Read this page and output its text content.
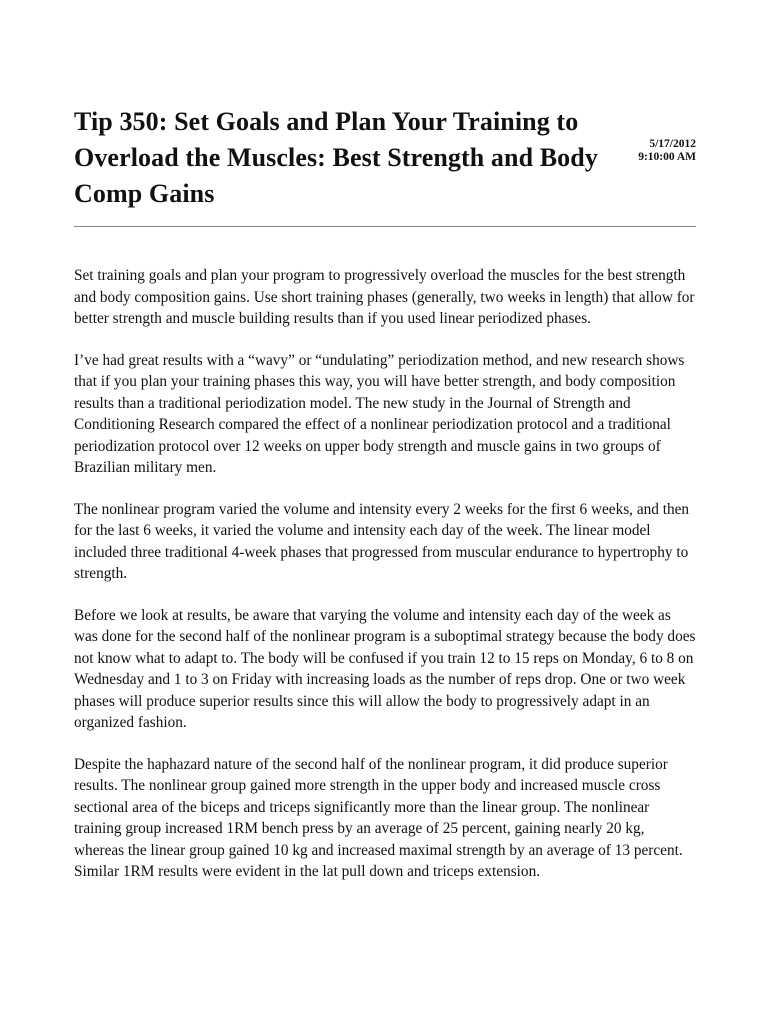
Tip 350: Set Goals and Plan Your Training to Overload the Muscles: Best Strength and Body Comp Gains
5/17/2012
9:10:00 AM

Set training goals and plan your program to progressively overload the muscles for the best strength and body composition gains. Use short training phases (generally, two weeks in length) that allow for better strength and muscle building results than if you used linear periodized phases.

I’ve had great results with a “wavy” or “undulating” periodization method, and new research shows that if you plan your training phases this way, you will have better strength, and body composition results than a traditional periodization model. The new study in the Journal of Strength and Conditioning Research compared the effect of a nonlinear periodization protocol and a traditional periodization protocol over 12 weeks on upper body strength and muscle gains in two groups of Brazilian military men.

The nonlinear program varied the volume and intensity every 2 weeks for the first 6 weeks, and then for the last 6 weeks, it varied the volume and intensity each day of the week. The linear model included three traditional 4-week phases that progressed from muscular endurance to hypertrophy to strength.

Before we look at results, be aware that varying the volume and intensity each day of the week as was done for the second half of the nonlinear program is a suboptimal strategy because the body does not know what to adapt to. The body will be confused if you train 12 to 15 reps on Monday, 6 to 8 on Wednesday and 1 to 3 on Friday with increasing loads as the number of reps drop. One or two week phases will produce superior results since this will allow the body to progressively adapt in an organized fashion.

Despite the haphazard nature of the second half of the nonlinear program, it did produce superior results. The nonlinear group gained more strength in the upper body and increased muscle cross sectional area of the biceps and triceps significantly more than the linear group. The nonlinear training group increased 1RM bench press by an average of 25 percent, gaining nearly 20 kg, whereas the linear group gained 10 kg and increased maximal strength by an average of 13 percent. Similar 1RM results were evident in the lat pull down and triceps extension.
